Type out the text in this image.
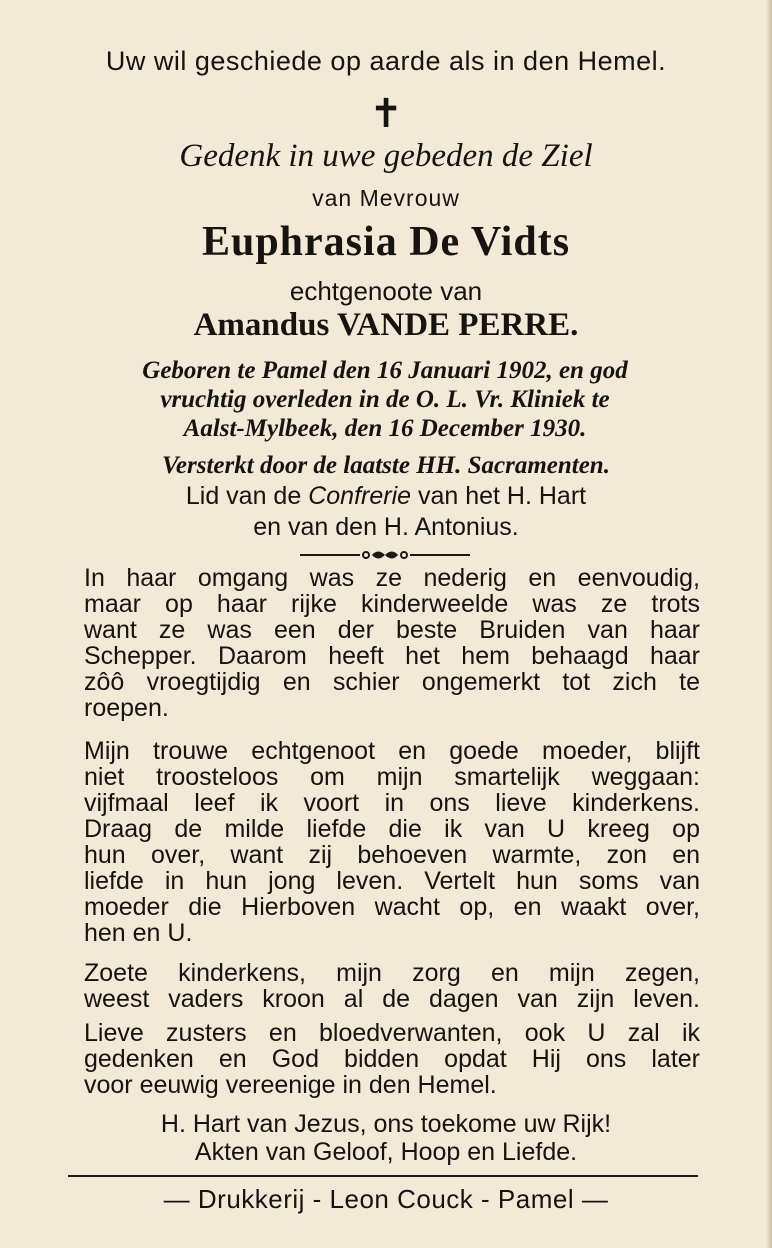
Uw wil geschiede op aarde als in den Hemel.
✝
Gedenk in uwe gebeden de Ziel
van Mevrouw
Euphrasia De Vidts
echtgenoote van
Amandus VANDE PERRE.
Geboren te Pamel den 16 Januari 1902, en god
vruchtig overleden in de O. L. Vr. Kliniek te
Aalst-Mylbeek, den 16 December 1930.
Versterkt door de laatste HH. Sacramenten.
Lid van de Confrerie van het H. Hart
en van den H. Antonius.
In haar omgang was ze nederig en eenvoudig,
maar op haar rijke kinderweelde was ze trots
want ze was een der beste Bruiden van haar
Schepper. Daarom heeft het hem behaagd haar
zôô vroegtijdig en schier ongemerkt tot zich te
roepen.
Mijn trouwe echtgenoot en goede moeder, blijft
niet troosteloos om mijn smartelijk weggaan:
vijfmaal leef ik voort in ons lieve kinderkens.
Draag de milde liefde die ik van U kreeg op
hun over, want zij behoeven warmte, zon en
liefde in hun jong leven. Vertelt hun soms van
moeder die Hierboven wacht op, en waakt over,
hen en U.
Zoete kinderkens, mijn zorg en mijn zegen,
weest vaders kroon al de dagen van zijn leven.
Lieve zusters en bloedverwanten, ook U zal ik
gedenken en God bidden opdat Hij ons later
voor eeuwig vereenige in den Hemel.
H. Hart van Jezus, ons toekome uw Rijk!
Akten van Geloof, Hoop en Liefde.
— Drukkerij - Leon Couck - Pamel —
